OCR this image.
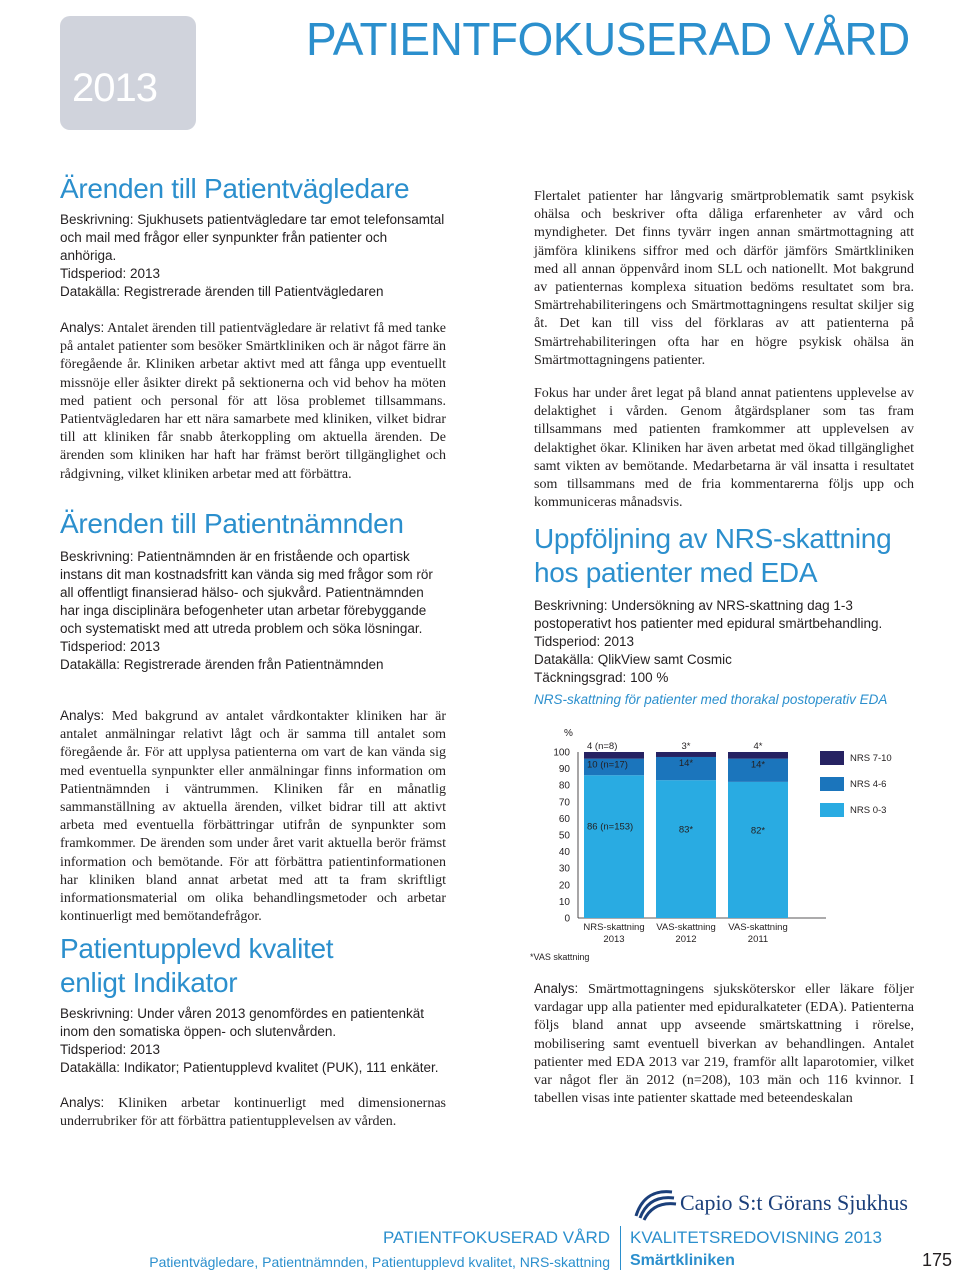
2013
PATIENTFOKUSERAD VÅRD
Ärenden till Patientvägledare
Beskrivning: Sjukhusets patientvägledare tar emot telefonsamtal och mail med frågor eller synpunkter från patienter och anhöriga.
Tidsperiod: 2013
Datakälla: Registrerade ärenden till Patientvägledaren
Analys: Antalet ärenden till patientvägledare är relativt få med tanke på antalet patienter som besöker Smärtkliniken och är något färre än föregående år. Kliniken arbetar aktivt med att fånga upp eventuellt missnöje eller åsikter direkt på sektionerna och vid behov ha möten med patient och personal för att lösa problemet tillsammans. Patientvägledaren har ett nära samarbete med kliniken, vilket bidrar till att kliniken får snabb återkoppling om aktuella ärenden. De ärenden som kliniken har haft har främst berört tillgänglighet och rådgivning, vilket kliniken arbetar med att förbättra.
Ärenden till Patientnämnden
Beskrivning: Patientnämnden är en fristående och opartisk instans dit man kostnadsfritt kan vända sig med frågor som rör all offentligt finansierad hälso- och sjukvård. Patientnämnden har inga disciplinära befogenheter utan arbetar förebyggande och systematiskt med att utreda problem och söka lösningar.
Tidsperiod: 2013
Datakälla: Registrerade ärenden från Patientnämnden
Analys: Med bakgrund av antalet vårdkontakter kliniken har är antalet anmälningar relativt lågt och är samma till antalet som föregående år. För att upplysa patienterna om vart de kan vända sig med eventuella synpunkter eller anmälningar finns information om Patientnämnden i väntrummen. Kliniken får en månatlig sammanställning av aktuella ärenden, vilket bidrar till att aktivt arbeta med eventuella förbättringar utifrån de synpunkter som framkommer. De ärenden som under året varit aktuella berör främst information och bemötande. För att förbättra patientinformationen har kliniken bland annat arbetat med att ta fram skriftligt informationsmaterial om olika behandlingsmetoder och arbetar kontinuerligt med bemötandefrågor.
Patientupplevd kvalitet enligt Indikator
Beskrivning: Under våren 2013 genomfördes en patientenkät inom den somatiska öppen- och slutenvården.
Tidsperiod: 2013
Datakälla: Indikator; Patientupplevd kvalitet (PUK), 111 enkäter.
Analys: Kliniken arbetar kontinuerligt med dimensionernas underrubriker för att förbättra patientupplevelsen av vården.
Flertalet patienter har långvarig smärtproblematik samt psykisk ohälsa och beskriver ofta dåliga erfarenheter av vård och myndigheter. Det finns tyvärr ingen annan smärtmottagning att jämföra klinikens siffror med och därför jämförs Smärtkliniken med all annan öppenvård inom SLL och nationellt. Mot bakgrund av patienternas komplexa situation bedöms resultatet som bra. Smärtrehabiliteringens och Smärtmottagningens resultat skiljer sig åt. Det kan till viss del förklaras av att patienterna på Smärtrehabiliteringen ofta har en högre psykisk ohälsa än Smärtmottagningens patienter.
Fokus har under året legat på bland annat patientens upplevelse av delaktighet i vården. Genom åtgärdsplaner som tas fram tillsammans med patienten framkommer att upplevelsen av delaktighet ökar. Kliniken har även arbetat med ökad tillgänglighet samt vikten av bemötande. Medarbetarna är väl insatta i resultatet som tillsammans med de fria kommentarerna följs upp och kommuniceras månadsvis.
Uppföljning av NRS-skattning hos patienter med EDA
Beskrivning: Undersökning av NRS-skattning dag 1-3 postoperativt hos patienter med epidural smärtbehandling.
Tidsperiod: 2013
Datakälla: QlikView samt Cosmic
Täckningsgrad: 100 %
NRS-skattning för patienter med thorakal postoperativ EDA
%
0
10
20
30
40
50
60
70
80
90
100
86 (n=153)
10 (n=17)
4 (n=8)
NRS-skattning
2013
83*
14*
3*
VAS-skattning
2012
82*
14*
4*
VAS-skattning
2011
NRS 7-10
NRS 4-6
NRS 0-3
*VAS skattning
Analys: Smärtmottagningens sjuksköterskor eller läkare följer vardagar upp alla patienter med epiduralkateter (EDA). Patienterna följs bland annat upp avseende smärtskattning i rörelse, mobilisering samt eventuell biverkan av behandlingen. Antalet patienter med EDA 2013 var 219, framför allt laparotomier, vilket var något fler än 2012 (n=208), 103 män och 116 kvinnor. I tabellen visas inte patienter skattade med beteendeskalan
Capio S:t Görans Sjukhus
PATIENTFOKUSERAD VÅRD
Patientvägledare, Patientnämnden, Patientupplevd kvalitet, NRS-skattning
KVALITETSREDOVISNING 2013
Smärtkliniken	175
